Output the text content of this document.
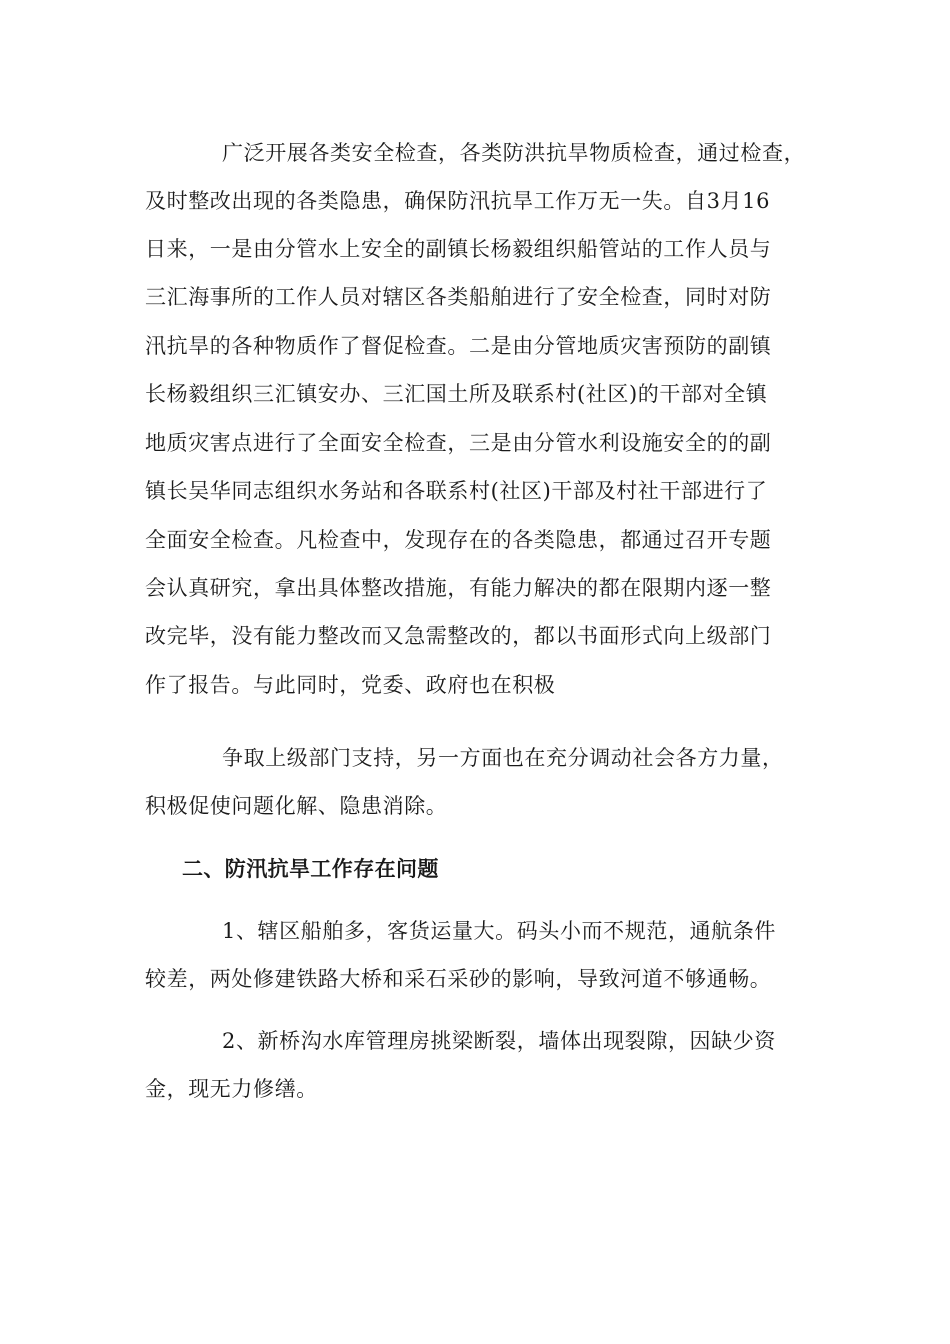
广泛开展各类安全检查，各类防洪抗旱物质检查，通过检查，
及时整改出现的各类隐患，确保防汛抗旱工作万无一失。自3月16
日来，一是由分管水上安全的副镇长杨毅组织船管站的工作人员与
三汇海事所的工作人员对辖区各类船舶进行了安全检查，同时对防
汛抗旱的各种物质作了督促检查。二是由分管地质灾害预防的副镇
长杨毅组织三汇镇安办、三汇国土所及联系村(社区)的干部对全镇
地质灾害点进行了全面安全检查，三是由分管水利设施安全的的副
镇长吴华同志组织水务站和各联系村(社区)干部及村社干部进行了
全面安全检查。凡检查中，发现存在的各类隐患，都通过召开专题
会认真研究，拿出具体整改措施，有能力解决的都在限期内逐一整
改完毕，没有能力整改而又急需整改的，都以书面形式向上级部门
作了报告。与此同时，党委、政府也在积极
争取上级部门支持，另一方面也在充分调动社会各方力量，
积极促使问题化解、隐患消除。
二、防汛抗旱工作存在问题
1、辖区船舶多，客货运量大。码头小而不规范，通航条件
较差，两处修建铁路大桥和采石采砂的影响，导致河道不够通畅。
2、新桥沟水库管理房挑梁断裂，墙体出现裂隙，因缺少资
金，现无力修缮。
